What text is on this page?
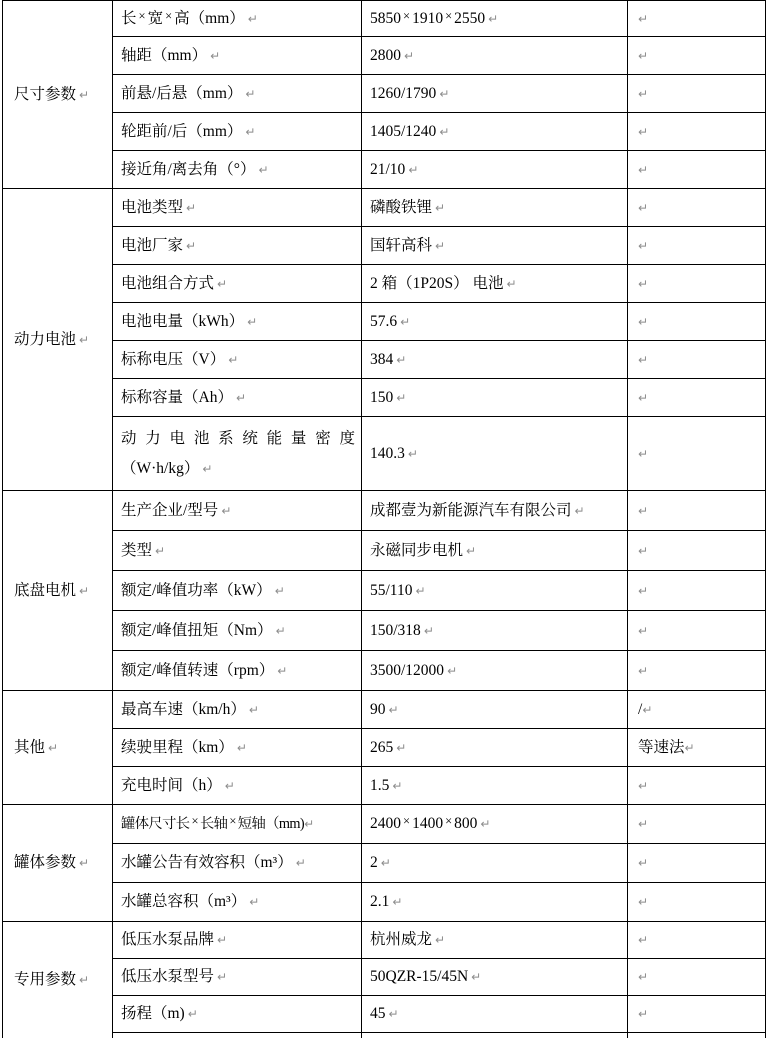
尺寸参数 ↵	长 × 宽 × 高（mm） ↵	5850 × 1910 × 2550 ↵	↵
	轴距（mm） ↵	2800 ↵	↵
	前悬/后悬（mm） ↵	1260/1790 ↵	↵
	轮距前/后（mm） ↵	1405/1240 ↵	↵
	接近角/离去角（°） ↵	21/10 ↵	↵
动力电池 ↵	电池类型 ↵	磷酸铁锂 ↵	↵
	电池厂家 ↵	国轩高科 ↵	↵
	电池组合方式 ↵	2 箱（1P20S） 电池 ↵	↵
	电池电量（kWh） ↵	57.6 ↵	↵
	标称电压（V） ↵	384 ↵	↵
	标称容量（Ah） ↵	150 ↵	↵

	动力电池系统能量密度
（W·h/kg） ↵	140.3 ↵	↵
底盘电机 ↵	生产企业/型号 ↵	成都壹为新能源汽车有限公司 ↵	↵
	类型 ↵	永磁同步电机 ↵	↵
	额定/峰值功率（kW） ↵	55/110 ↵	↵
	额定/峰值扭矩（Nm） ↵	150/318 ↵	↵
	额定/峰值转速（rpm） ↵	3500/12000 ↵	↵
其他 ↵	最高车速（km/h） ↵	90 ↵	/↵
	续驶里程（km） ↵	265 ↵	等速法↵
	充电时间（h） ↵	1.5 ↵	↵
罐体参数 ↵	罐体尺寸长 × 长轴 × 短轴（mm)↵	2400 × 1400 × 800 ↵	↵
	水罐公告有效容积（m³） ↵	2 ↵	↵
	水罐总容积（m³） ↵	2.1 ↵	↵
专用参数 ↵	低压水泵品牌 ↵	杭州威龙 ↵	↵
	低压水泵型号 ↵	50QZR-15/45N ↵	↵
	扬程（m) ↵	45 ↵	↵
